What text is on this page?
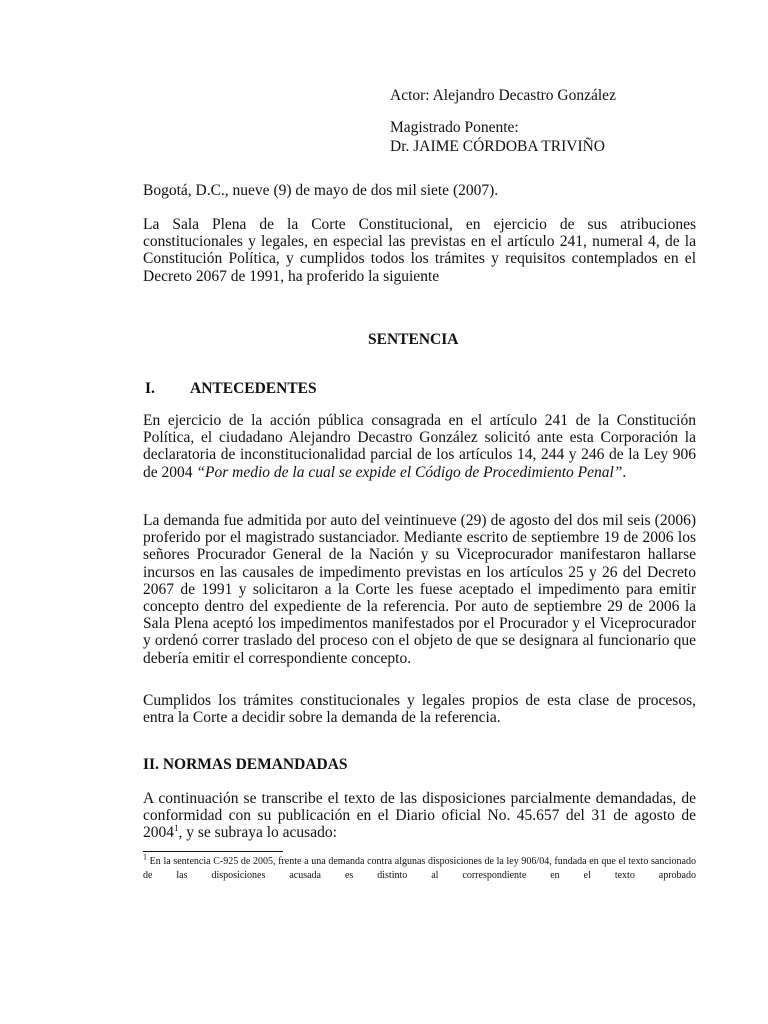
Actor: Alejandro Decastro González
Magistrado Ponente:
Dr. JAIME CÓRDOBA TRIVIÑO
Bogotá, D.C., nueve (9) de mayo de dos mil siete (2007).
La Sala Plena de la Corte Constitucional, en ejercicio de sus atribuciones constitucionales y legales, en especial las previstas en el artículo 241, numeral 4, de la Constitución Política, y cumplidos todos los trámites y requisitos contemplados en el Decreto 2067 de 1991, ha proferido la siguiente
SENTENCIA
I. ANTECEDENTES
En ejercicio de la acción pública consagrada en el artículo 241 de la Constitución Política, el ciudadano Alejandro Decastro González solicitó ante esta Corporación la declaratoria de inconstitucionalidad parcial de los artículos 14, 244 y 246 de la Ley 906 de 2004 “Por medio de la cual se expide el Código de Procedimiento Penal”.
La demanda fue admitida por auto del veintinueve (29) de agosto del dos mil seis (2006) proferido por el magistrado sustanciador. Mediante escrito de septiembre 19 de 2006 los señores Procurador General de la Nación y su Viceprocurador manifestaron hallarse incursos en las causales de impedimento previstas en los artículos 25 y 26 del Decreto 2067 de 1991 y solicitaron a la Corte les fuese aceptado el impedimento para emitir concepto dentro del expediente de la referencia. Por auto de septiembre 29 de 2006 la Sala Plena aceptó los impedimentos manifestados por el Procurador y el Viceprocurador y ordenó correr traslado del proceso con el objeto de que se designara al funcionario que debería emitir el correspondiente concepto.
Cumplidos los trámites constitucionales y legales propios de esta clase de procesos, entra la Corte a decidir sobre la demanda de la referencia.
II. NORMAS DEMANDADAS
A continuación se transcribe el texto de las disposiciones parcialmente demandadas, de conformidad con su publicación en el Diario oficial No. 45.657 del 31 de agosto de 2004$^1$, y se subraya lo acusado:
$^1$ En la sentencia C-925 de 2005, frente a una demanda contra algunas disposiciones de la ley 906/04, fundada en que el texto sancionado de las disposiciones acusada es distinto al correspondiente en el texto aprobado
